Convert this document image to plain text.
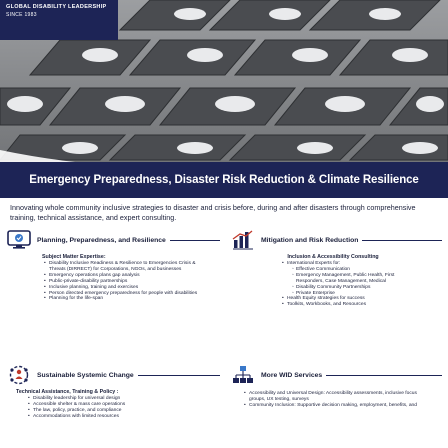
GLOBAL DISABILITY LEADERSHIP
SINCE 1983
Emergency Preparedness, Disaster Risk Reduction & Climate Resilience
Innovating whole community inclusive strategies to disaster and crisis before, during and after disasters through comprehensive training, technical assistance, and expert consulting.
Planning, Preparedness, and Resilience
Subject Matter Expertise:
• Disability Inclusive Readiness & Resilience to Emergencies Crisis & Threats (DIRRECT) for Corporations, NGOs, and businesses
• Emergency operations plans gap analysis
• Public-private-disability partnerships
• Inclusive planning, training and exercises
• Person directed emergency preparedness for people with disabilities
• Planning for the life-span
Mitigation and Risk Reduction
Inclusion & Accessibility Consulting
• International Experts for:
◦ Effective Communication
◦ Emergency Management, Public Health, First Responders, Case Management, Medical
◦ Disability Community Partnerships
◦ Private Enterprise
• Health Equity strategies for success
• Toolkits, Workbooks, and Resources
Sustainable Systemic Change
Technical Assistance, Training & Policy :
• Disability leadership for universal design
• Accessible shelter & mass care operations
• The law, policy, practice, and compliance
• Accommodations with limited resources
More WID Services
• Accessibility and Universal Design: Accessibility assessments, inclusive focus groups, UX testing, surveys
• Community Inclusion: Supportive decision making, employment, benefits, and
